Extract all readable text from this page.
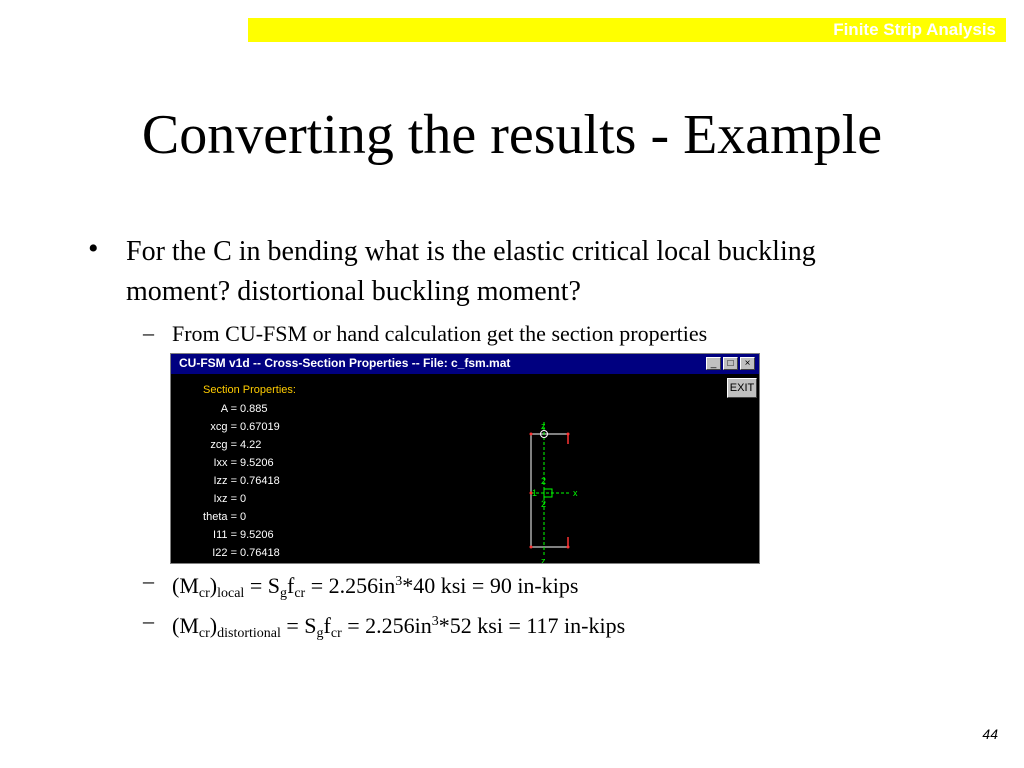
Finite Strip Analysis
Converting the results - Example
• For the C in bending what is the elastic critical local buckling moment? distortional buckling moment?
– From CU-FSM or hand calculation get the section properties
CU-FSM v1d -- Cross-Section Properties -- File: c_fsm.mat	_	□	×
EXIT
Section Properties:
A = 0.885
xcg = 0.67019
zcg = 4.22
Ixx = 9.5206
Izz = 0.76418
Ixz = 0
theta = 0
I11 = 9.5206
I22 = 0.76418
z
z
x
2
2
1
– $(M_{cr})_{local} = S_gf_{cr} = 2.256in^3*40$ ksi = 90 in-kips
– $(M_{cr})_{distortional} = S_gf_{cr} = 2.256in^3*52$ ksi = 117 in-kips
44
